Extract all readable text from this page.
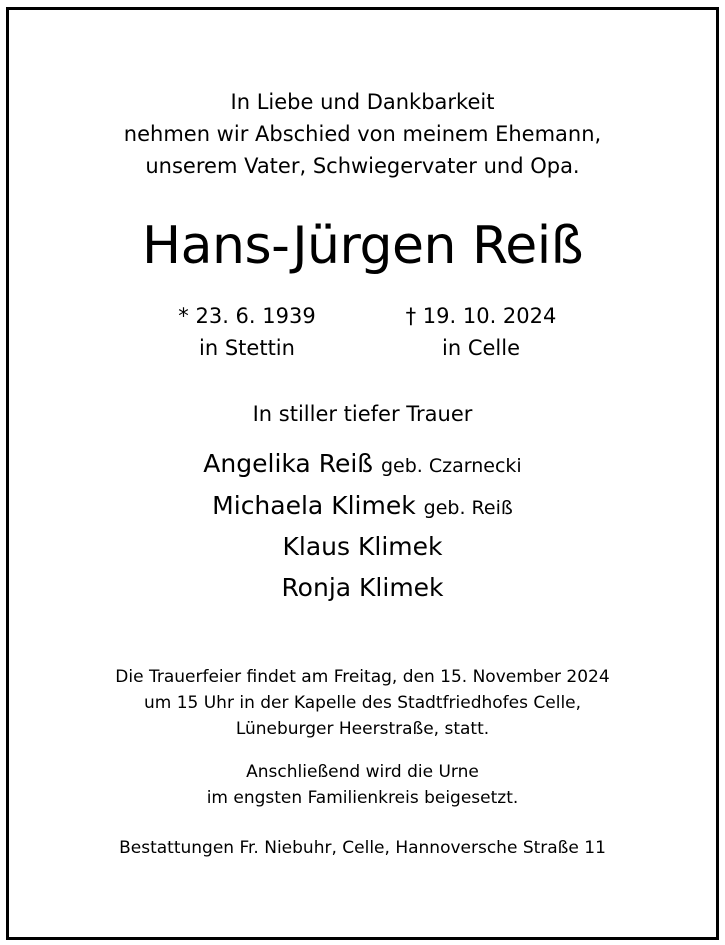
In Liebe und Dankbarkeit
nehmen wir Abschied von meinem Ehemann,
unserem Vater, Schwiegervater und Opa.
Hans-Jürgen Reiß
* 23. 6. 1939
in Stettin
† 19. 10. 2024
in Celle
In stiller tiefer Trauer
Angelika Reiß geb. Czarnecki
Michaela Klimek geb. Reiß
Klaus Klimek
Ronja Klimek
Die Trauerfeier findet am Freitag, den 15. November 2024
um 15 Uhr in der Kapelle des Stadtfriedhofes Celle,
Lüneburger Heerstraße, statt.
Anschließend wird die Urne
im engsten Familienkreis beigesetzt.
Bestattungen Fr. Niebuhr, Celle, Hannoversche Straße 11
